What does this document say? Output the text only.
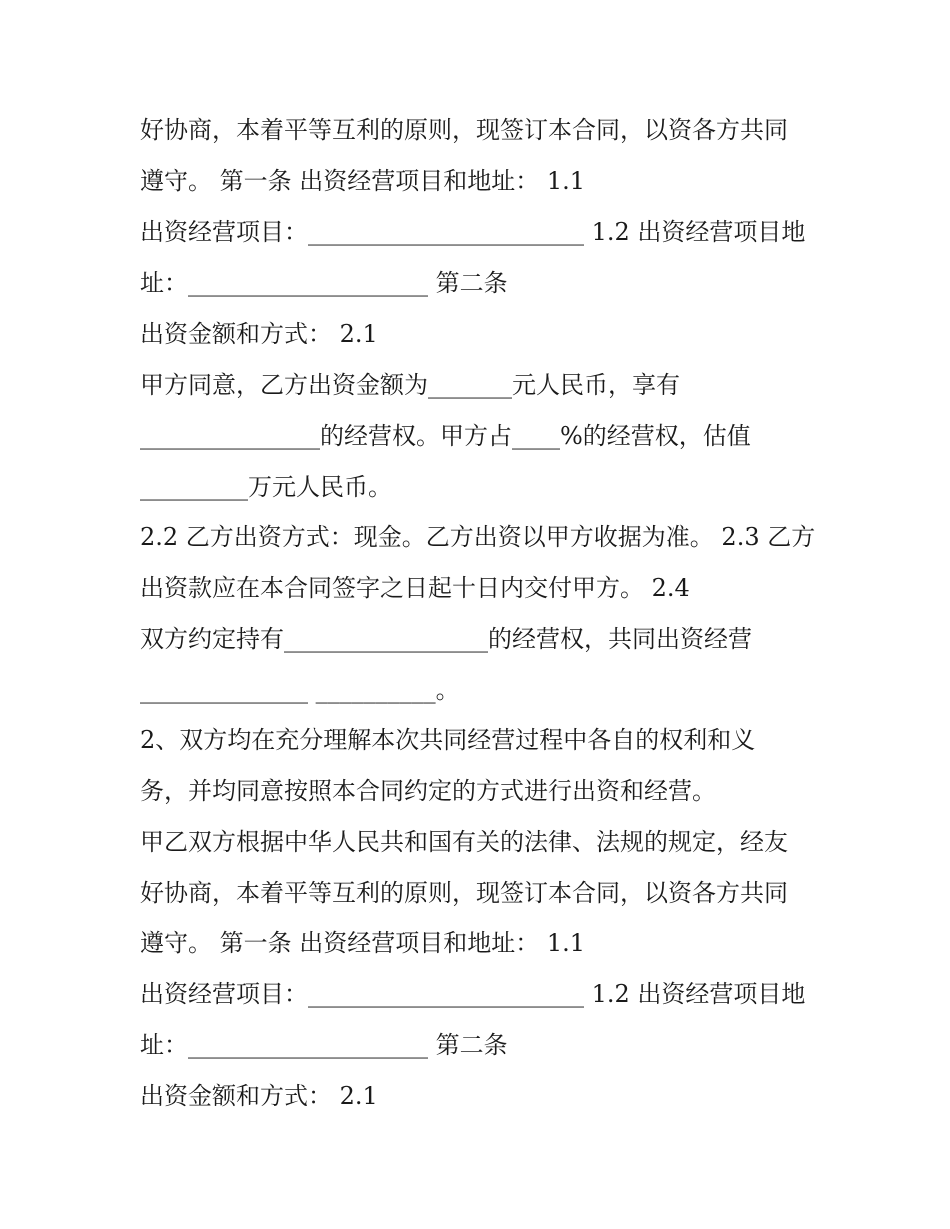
好协商，本着平等互利的原则，现签订本合同，以资各方共同
遵守。 第一条 出资经营项目和地址： 1.1
出资经营项目：_______________________ 1.2 出资经营项目地
址：____________________ 第二条
出资金额和方式： 2.1
甲方同意，乙方出资金额为_______元人民币，享有
_______________的经营权。甲方占____%的经营权，估值
_________万元人民币。
2.2 乙方出资方式：现金。乙方出资以甲方收据为准。 2.3 乙方
出资款应在本合同签字之日起十日内交付甲方。 2.4
双方约定持有_________________的经营权，共同出资经营
______________ __________。
2、双方均在充分理解本次共同经营过程中各自的权利和义
务，并均同意按照本合同约定的方式进行出资和经营。
甲乙双方根据中华人民共和国有关的法律、法规的规定，经友
好协商，本着平等互利的原则，现签订本合同，以资各方共同
遵守。 第一条 出资经营项目和地址： 1.1
出资经营项目：_______________________ 1.2 出资经营项目地
址：____________________ 第二条
出资金额和方式： 2.1
